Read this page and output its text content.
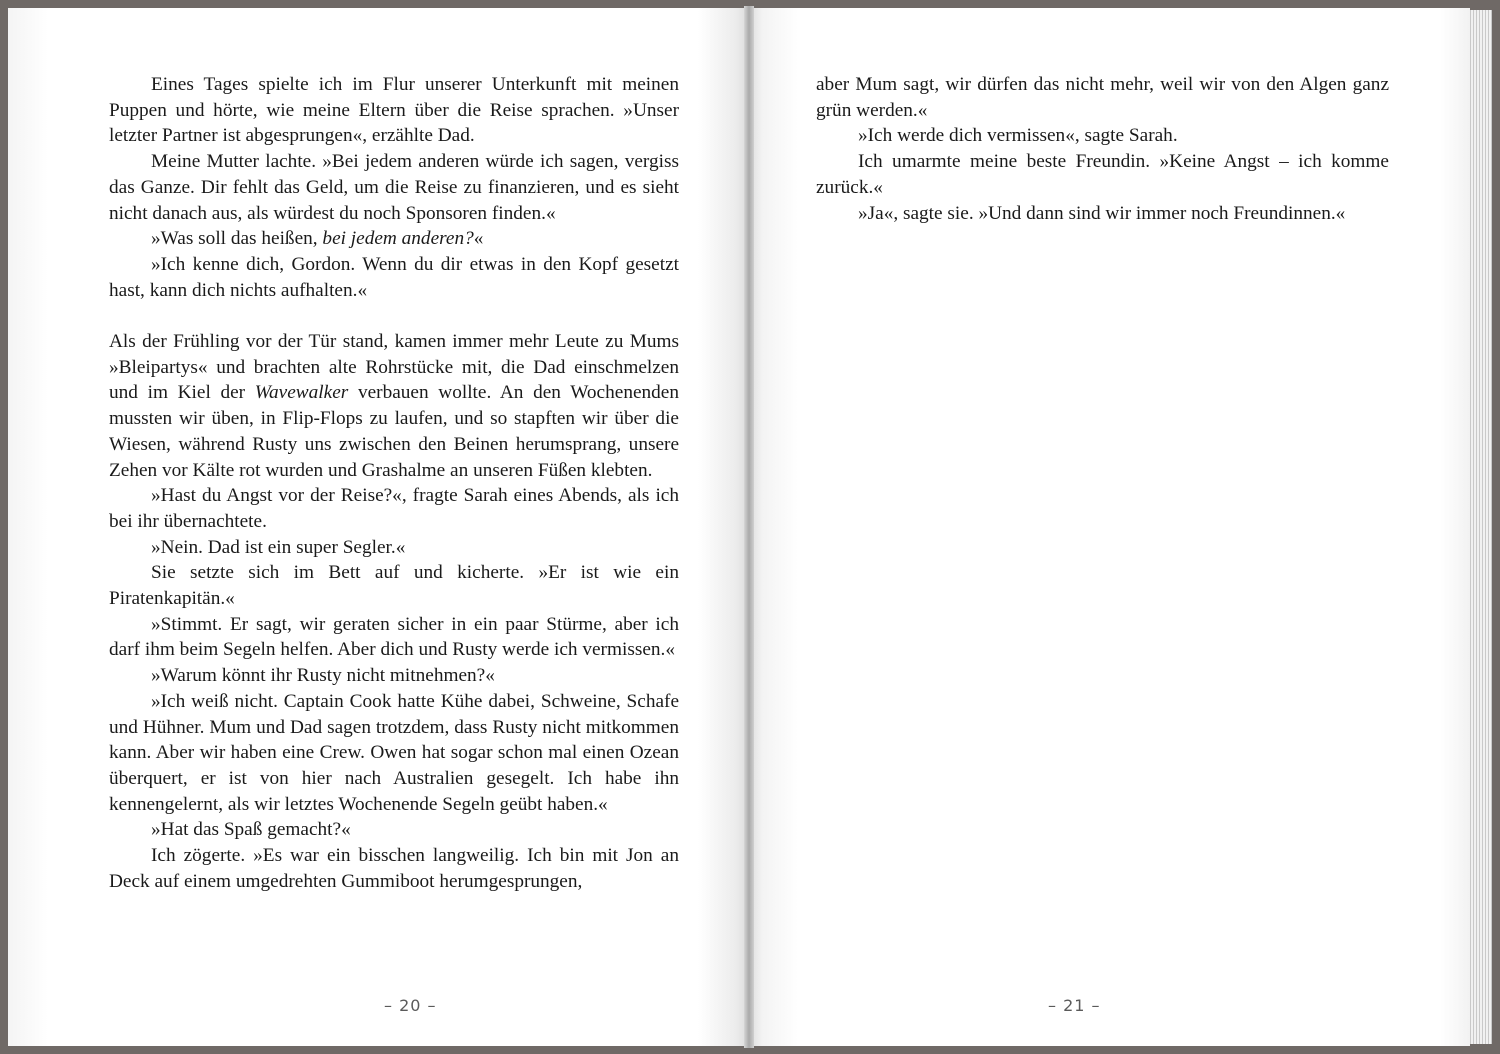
Eines Tages spielte ich im Flur unserer Unterkunft mit meinen Puppen und hörte, wie meine Eltern über die Reise sprachen. »Unser letzter Partner ist abgesprungen«, erzählte Dad.

Meine Mutter lachte. »Bei jedem anderen würde ich sagen, vergiss das Ganze. Dir fehlt das Geld, um die Reise zu finanzieren, und es sieht nicht danach aus, als würdest du noch Sponsoren finden.«

»Was soll das heißen, bei jedem anderen?«

»Ich kenne dich, Gordon. Wenn du dir etwas in den Kopf gesetzt hast, kann dich nichts aufhalten.«

Als der Frühling vor der Tür stand, kamen immer mehr Leute zu Mums »Bleipartys« und brachten alte Rohrstücke mit, die Dad einschmelzen und im Kiel der Wavewalker verbauen wollte. An den Wochenenden mussten wir üben, in Flip-Flops zu laufen, und so stapften wir über die Wiesen, während Rusty uns zwischen den Beinen herumsprang, unsere Zehen vor Kälte rot wurden und Grashalme an unseren Füßen klebten.

»Hast du Angst vor der Reise?«, fragte Sarah eines Abends, als ich bei ihr übernachtete.

»Nein. Dad ist ein super Segler.«

Sie setzte sich im Bett auf und kicherte. »Er ist wie ein Piratenkapitän.«

»Stimmt. Er sagt, wir geraten sicher in ein paar Stürme, aber ich darf ihm beim Segeln helfen. Aber dich und Rusty werde ich vermissen.«

»Warum könnt ihr Rusty nicht mitnehmen?«

»Ich weiß nicht. Captain Cook hatte Kühe dabei, Schweine, Schafe und Hühner. Mum und Dad sagen trotzdem, dass Rusty nicht mitkommen kann. Aber wir haben eine Crew. Owen hat sogar schon mal einen Ozean überquert, er ist von hier nach Australien gesegelt. Ich habe ihn kennengelernt, als wir letztes Wochenende Segeln geübt haben.«

»Hat das Spaß gemacht?«

Ich zögerte. »Es war ein bisschen langweilig. Ich bin mit Jon an Deck auf einem umgedrehten Gummiboot herumgesprungen,

– 20 –

aber Mum sagt, wir dürfen das nicht mehr, weil wir von den Algen ganz grün werden.«

»Ich werde dich vermissen«, sagte Sarah.

Ich umarmte meine beste Freundin. »Keine Angst – ich komme zurück.«

»Ja«, sagte sie. »Und dann sind wir immer noch Freundinnen.«

– 21 –
